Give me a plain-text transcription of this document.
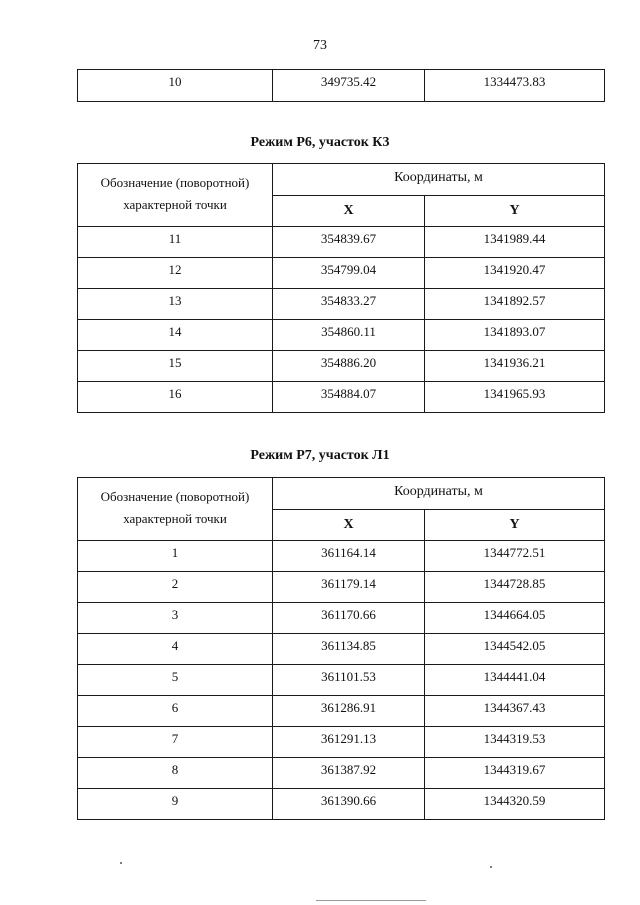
73
10	349735.42	1334473.83
Режим Р6, участок К3
Обозначение (поворотной)
характерной точки	Координаты, м	
	X	Y
11	354839.67	1341989.44
12	354799.04	1341920.47
13	354833.27	1341892.57
14	354860.11	1341893.07
15	354886.20	1341936.21
16	354884.07	1341965.93
Режим Р7, участок Л1
Обозначение (поворотной)
характерной точки	Координаты, м	
	X	Y
1	361164.14	1344772.51
2	361179.14	1344728.85
3	361170.66	1344664.05
4	361134.85	1344542.05
5	361101.53	1344441.04
6	361286.91	1344367.43
7	361291.13	1344319.53
8	361387.92	1344319.67
9	361390.66	1344320.59
